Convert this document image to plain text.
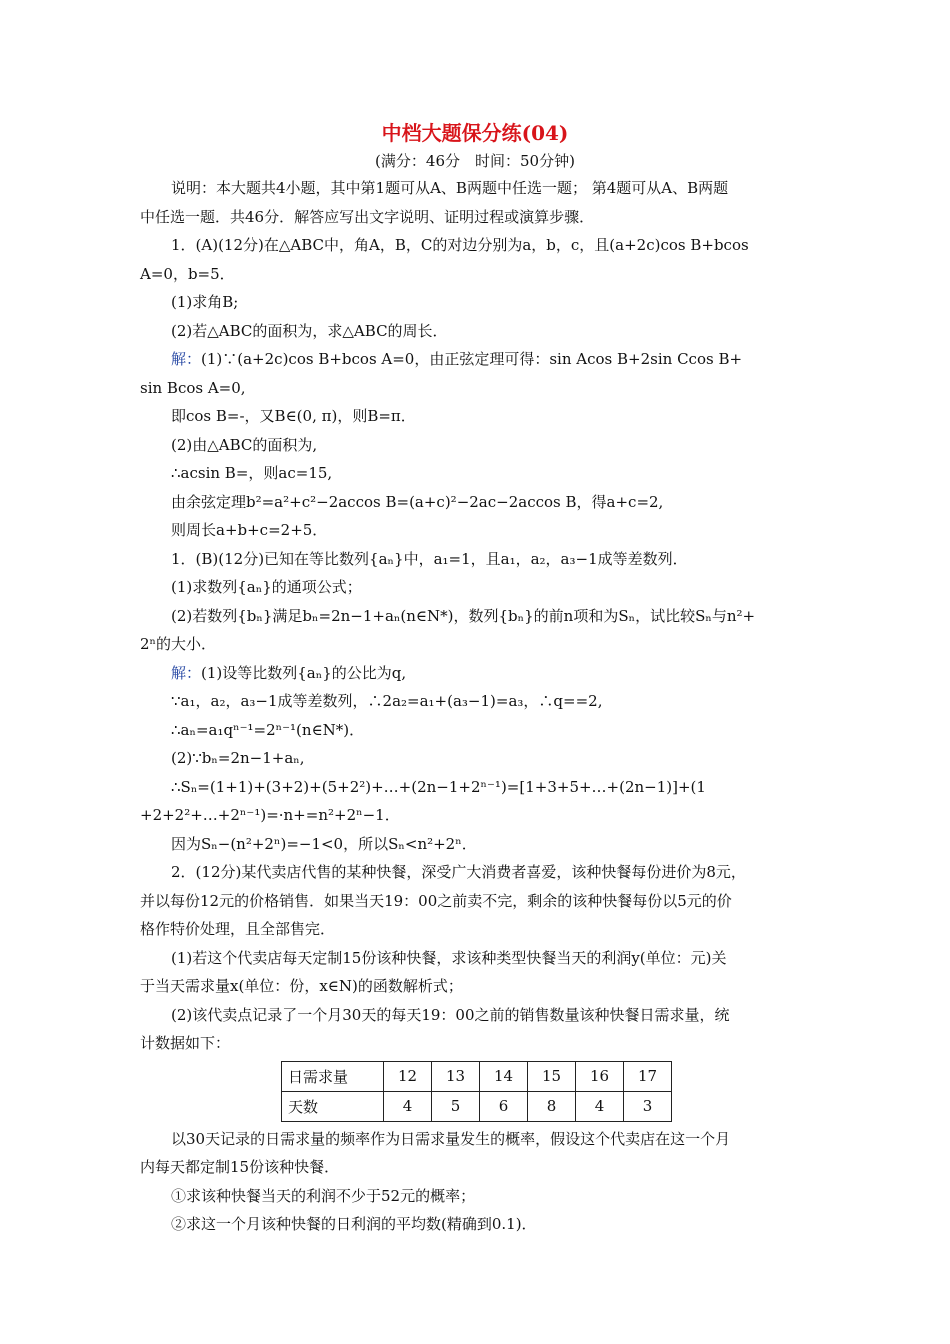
中档大题保分练(04)

(满分：46分　时间：50分钟)

说明：本大题共4小题，其中第1题可从A、B两题中任选一题； 第4题可从A、B两题

中任选一题．共46分．解答应写出文字说明、证明过程或演算步骤．

1．(A)(12分)在△ABC中，角A，B，C的对边分别为a，b，c，且(a+2c)cos B+bcos

A=0，b=5．

(1)求角B;

(2)若△ABC的面积为，求△ABC的周长．

解：(1)∵(a+2c)cos B+bcos A=0，由正弦定理可得：sin Acos B+2sin Ccos B+

sin Bcos A=0,

即cos B=-，又B∈(0, π)，则B=π．

(2)由△ABC的面积为,

∴acsin B=，则ac=15,

由余弦定理b²=a²+c²−2accos B=(a+c)²−2ac−2accos B，得a+c=2,

则周长a+b+c=2+5．

1．(B)(12分)已知在等比数列{aₙ}中，a₁=1，且a₁，a₂，a₃−1成等差数列．

(1)求数列{aₙ}的通项公式；

(2)若数列{bₙ}满足bₙ=2n−1+aₙ(n∈N*)，数列{bₙ}的前n项和为Sₙ，试比较Sₙ与n²+

2ⁿ的大小．

解：(1)设等比数列{aₙ}的公比为q,

∵a₁，a₂，a₃−1成等差数列，∴2a₂=a₁+(a₃−1)=a₃，∴q==2,

∴aₙ=a₁qⁿ⁻¹=2ⁿ⁻¹(n∈N*)．

(2)∵bₙ=2n−1+aₙ,

∴Sₙ=(1+1)+(3+2)+(5+2²)+…+(2n−1+2ⁿ⁻¹)=[1+3+5+…+(2n−1)]+(1

+2+2²+…+2ⁿ⁻¹)=·n+=n²+2ⁿ−1．

因为Sₙ−(n²+2ⁿ)=−1<0，所以Sₙ<n²+2ⁿ．

2．(12分)某代卖店代售的某种快餐，深受广大消费者喜爱，该种快餐每份进价为8元，

并以每份12元的价格销售．如果当天19：00之前卖不完，剩余的该种快餐每份以5元的价

格作特价处理，且全部售完．

(1)若这个代卖店每天定制15份该种快餐，求该种类型快餐当天的利润y(单位：元)关

于当天需求量x(单位：份，x∈N)的函数解析式；

(2)该代卖点记录了一个月30天的每天19：00之前的销售数量该种快餐日需求量，统

计数据如下：

日需求量	12	13	14	15	16	17
天数	4	5	6	8	4	3

以30天记录的日需求量的频率作为日需求量发生的概率，假设这个代卖店在这一个月

内每天都定制15份该种快餐．

①求该种快餐当天的利润不少于52元的概率；

②求这一个月该种快餐的日利润的平均数(精确到0.1)．
